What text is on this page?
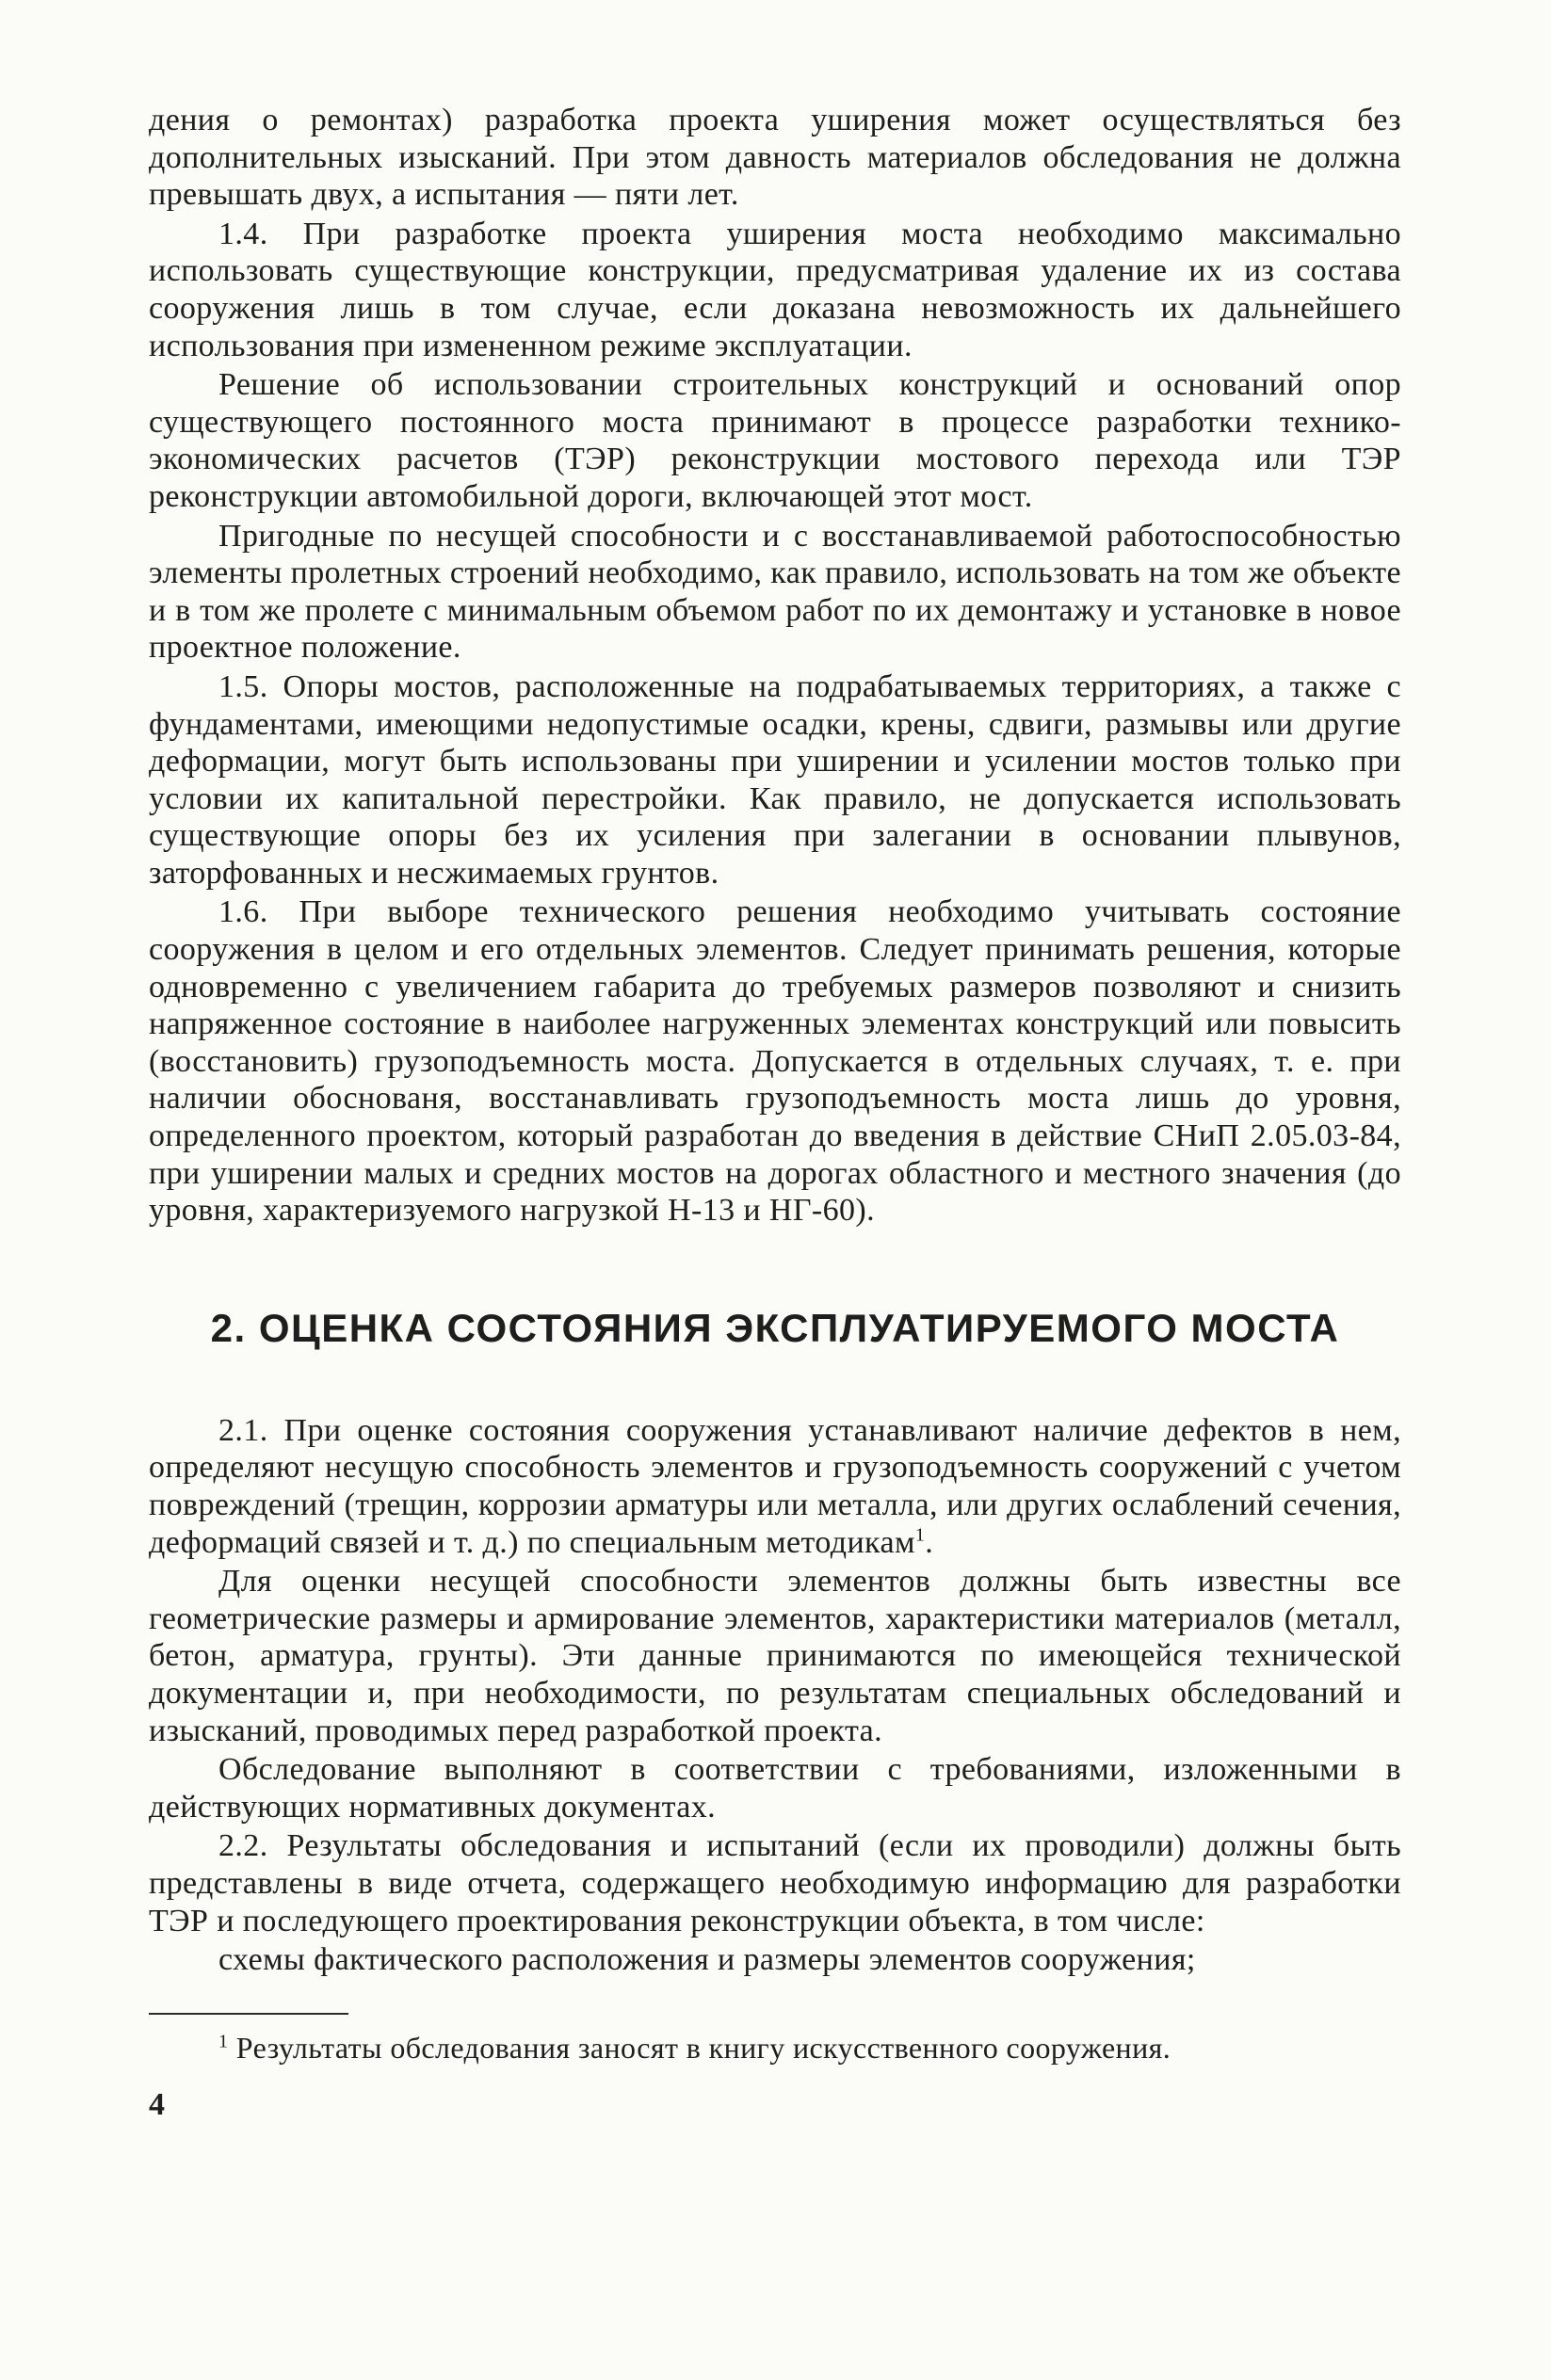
дения о ремонтах) разработка проекта уширения может осуществляться без дополнительных изысканий. При этом давность материалов обследования не должна превышать двух, а испытания — пяти лет.

1.4. При разработке проекта уширения моста необходимо максимально использовать существующие конструкции, предусматривая удаление их из состава сооружения лишь в том случае, если доказана невозможность их дальнейшего использования при измененном режиме эксплуатации.

Решение об использовании строительных конструкций и оснований опор существующего постоянного моста принимают в процессе разработки технико-экономических расчетов (ТЭР) реконструкции мостового перехода или ТЭР реконструкции автомобильной дороги, включающей этот мост.

Пригодные по несущей способности и с восстанавливаемой работоспособностью элементы пролетных строений необходимо, как правило, использовать на том же объекте и в том же пролете с минимальным объемом работ по их демонтажу и установке в новое проектное положение.

1.5. Опоры мостов, расположенные на подрабатываемых территориях, а также с фундаментами, имеющими недопустимые осадки, крены, сдвиги, размывы или другие деформации, могут быть использованы при уширении и усилении мостов только при условии их капитальной перестройки. Как правило, не допускается использовать существующие опоры без их усиления при залегании в основании плывунов, заторфованных и несжимаемых грунтов.

1.6. При выборе технического решения необходимо учитывать состояние сооружения в целом и его отдельных элементов. Следует принимать решения, которые одновременно с увеличением габарита до требуемых размеров позволяют и снизить напряженное состояние в наиболее нагруженных элементах конструкций или повысить (восстановить) грузоподъемность моста. Допускается в отдельных случаях, т. е. при наличии обоснованя, восстанавливать грузоподъемность моста лишь до уровня, определенного проектом, который разработан до введения в действие СНиП 2.05.03-84, при уширении малых и средних мостов на дорогах областного и местного значения (до уровня, характеризуемого нагрузкой Н-13 и НГ-60).

2. ОЦЕНКА СОСТОЯНИЯ ЭКСПЛУАТИРУЕМОГО МОСТА

2.1. При оценке состояния сооружения устанавливают наличие дефектов в нем, определяют несущую способность элементов и грузоподъемность сооружений с учетом повреждений (трещин, коррозии арматуры или металла, или других ослаблений сечения, деформаций связей и т. д.) по специальным методикам$^1$.

Для оценки несущей способности элементов должны быть известны все геометрические размеры и армирование элементов, характеристики материалов (металл, бетон, арматура, грунты). Эти данные принимаются по имеющейся технической документации и, при необходимости, по результатам специальных обследований и изысканий, проводимых перед разработкой проекта.

Обследование выполняют в соответствии с требованиями, изложенными в действующих нормативных документах.

2.2. Результаты обследования и испытаний (если их проводили) должны быть представлены в виде отчета, содержащего необходимую информацию для разработки ТЭР и последующего проектирования реконструкции объекта, в том числе:

схемы фактического расположения и размеры элементов сооружения;

$^1$ Результаты обследования заносят в книгу искусственного сооружения.

4
